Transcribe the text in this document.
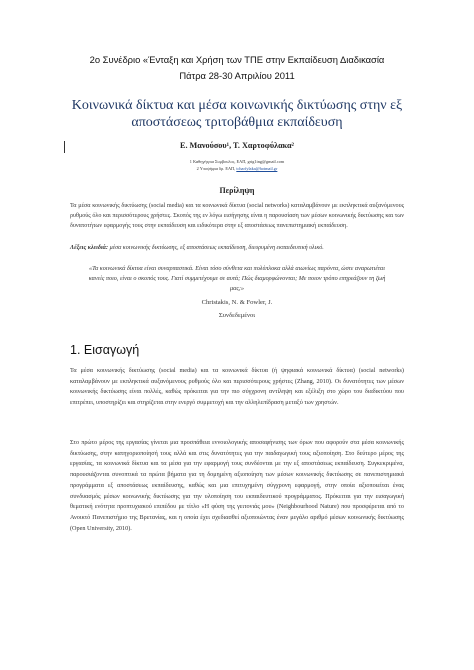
2ο Συνέδριο «Ένταξη και Χρήση των ΤΠΕ στην Εκπαίδευση Διαδικασία
Πάτρα 28-30 Απριλίου 2011
Κοινωνικά δίκτυα και μέσα κοινωνικής δικτύωσης στην εξ αποστάσεως τριτοβάθμια εκπαίδευση
Ε. Μανούσου¹, Τ. Χαρτοφύλακα²
1 Καθηγήτρια Συμβουλος, ΕΑΠ, grig1ing@gmail.com
2 Υποψήφια δρ. ΕΑΠ, tcharfylaka@hotmail.gr
Περίληψη
Τα μέσα κοινωνικής δικτύωσης (social media) και τα κοινωνικά δίκτυα (social networks) καταλαμβάνουν με εκπληκτικά αυξανόμενους ρυθμούς όλο και περισσότερους χρήστες. Σκοπός της εν λόγω εισήγησης είναι η παρουσίαση των μέσων κοινωνικής δικτύωσης και των δυνατοτήτων εφαρμογής τους στην εκπαίδευση και ειδικότερα στην εξ αποστάσεως πανεπιστημιακή εκπαίδευση.
Λέξεις κλειδιά: μέσα κοινωνικής δικτύωσης, εξ αποστάσεως εκπαίδευση, διευρυμένη εκπαιδευτική υλικό.
«Τα κοινωνικά δίκτυα είναι συναρπαστικά. Είναι τόσο σύνθετα και πολύπλοκα αλλά αιωνίως παρόντα, ώστε αναρωτιέται κανείς ποιο, είναι ο σκοπός τους. Γιατί συμμετέχουμε σε αυτά; Πώς διαμορφώνονται; Με ποιον τρόπο επηρεάζουν τη ζωή μας;»
Christakis, N. & Fowler, J.
Συνδεδεμένοι
1. Εισαγωγή
Τα μέσα κοινωνικής δικτύωσης (social media) και τα κοινωνικά δίκτυα (ή ψηφιακά κοινωνικά δίκτυα) (social networks) καταλαμβάνουν με εκπληκτικά αυξανόμενους ρυθμούς όλο και περισσότερους χρήστες (Zhang, 2010). Οι δυνατότητες των μέσων κοινωνικής δικτύωσης είναι πολλές, καθώς πρόκειται για την πιο σύγχρονη αντίληψη και εξέλιξη στο χώρο του διαδικτύου που επιτρέπει, υποστηρίζει και στηρίζεται στην ενεργό συμμετοχή και την αλληλεπίδραση μεταξύ των χρηστών.
Στο πρώτο μέρος της εργασίας γίνεται μια προσπάθεια εννοιολογικής αποσαφήνισης των όρων που αφορούν στα μέσα κοινωνικής δικτύωσης, στην κατηγοριοποίησή τους αλλά και στις δυνατότητες για την παιδαγωγική τους αξιοποίηση. Στο δεύτερο μέρος της εργασίας, τα κοινωνικά δίκτυα και τα μέσα για την εφαρμογή τους συνδέονται με την εξ αποστάσεως εκπαίδευση. Συγκεκριμένα, παρουσιάζονται συνοπτικά τα πρώτα βήματα για τη δομημένη αξιοποίηση των μέσων κοινωνικής δικτύωσης σε πανεπιστημιακά προγράμματα εξ αποστάσεως εκπαίδευσης, καθώς και μια επιτυχημένη σύγχρονη εφαρμογή, στην οποία αξιοποιείται ένας συνδυασμός μέσων κοινωνικής δικτύωσης για την υλοποίηση του εκπαιδευτικού προγράμματος. Πρόκειται για την εισαγωγική θεματική ενότητα προπτυχιακού επιπέδου με τίτλο «Η φύση της γειτονιάς μου» (Neighbourhood Nature) που προσφέρεται από το Ανοικτό Πανεπιστήμιο της Βρετανίας, και η οποία έχει σχεδιασθεί αξιοποιώντας έναν μεγάλο αριθμό μέσων κοινωνικής δικτύωσης (Open University, 2010).
